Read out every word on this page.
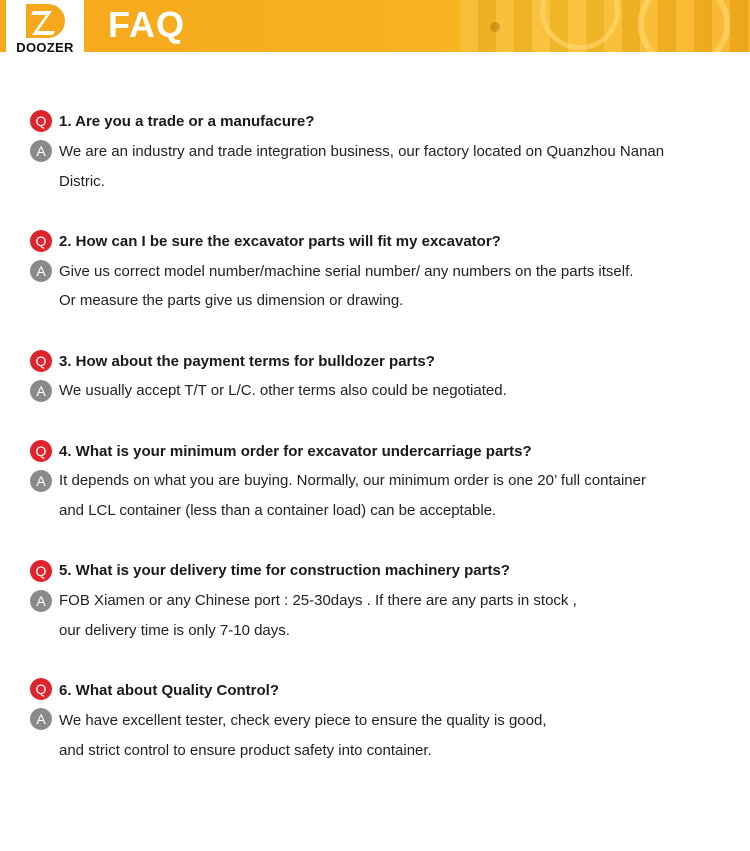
FAQ
DOOZER
Q 1. Are you a trade or a manufacure?
A We are an industry and trade integration business, our factory located on Quanzhou Nanan
Distric.
Q 2. How can I be sure the excavator parts will fit my excavator?
A Give us correct model number/machine serial number/ any numbers on the parts itself.
Or measure the parts give us dimension or drawing.
Q 3. How about the payment terms for bulldozer parts?
A We usually accept T/T or L/C. other terms also could be negotiated.
Q 4. What is your minimum order for excavator undercarriage parts?
A It depends on what you are buying. Normally, our minimum order is one 20’ full container
and LCL container (less than a container load) can be acceptable.
Q 5. What is your delivery time for construction machinery parts?
A FOB Xiamen or any Chinese port : 25-30days . If there are any parts in stock ,
our delivery time is only 7-10 days.
Q 6. What about Quality Control?
A We have excellent tester, check every piece to ensure the quality is good,
and strict control to ensure product safety into container.
